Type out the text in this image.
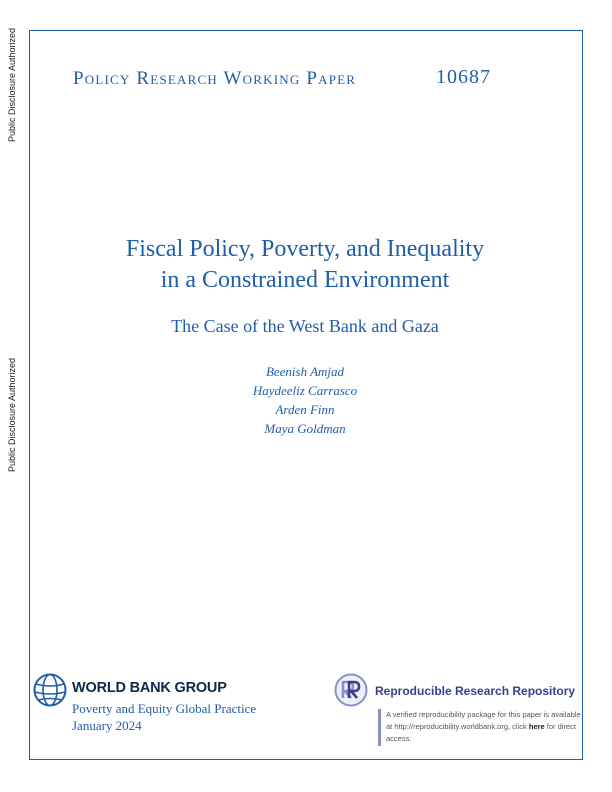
Public Disclosure Authorized
Public Disclosure Authorized
Policy Research Working Paper	10687
Fiscal Policy, Poverty, and Inequality
in a Constrained Environment
The Case of the West Bank and Gaza
Beenish Amjad
Haydeeliz Carrasco
Arden Finn
Maya Goldman
WORLD BANK GROUP
Poverty and Equity Global Practice
January 2024
Reproducible Research Repository
A verified reproducibility package for this paper is available at http://reproducibility.worldbank.org, click here for direct access.
